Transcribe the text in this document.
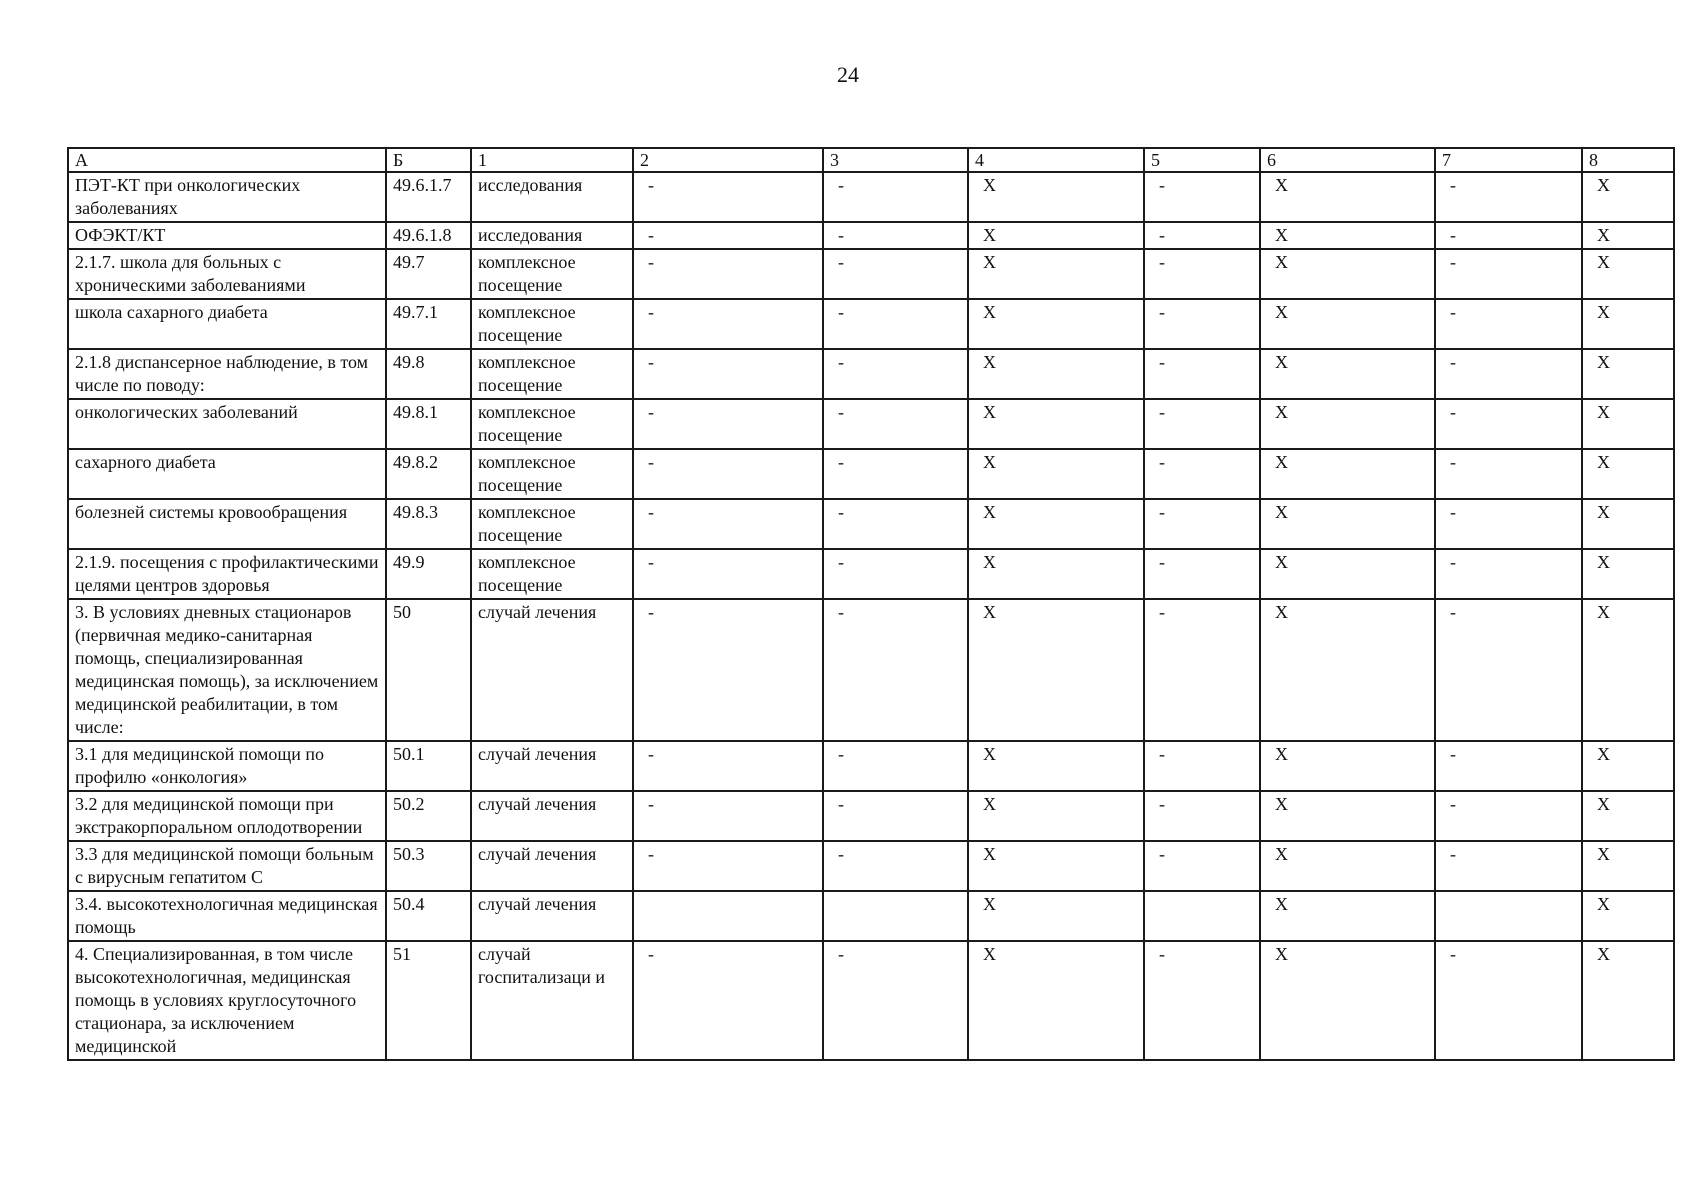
24
А	Б	1	2	3	4	5	6	7	8
ПЭТ-КТ при онкологических заболеваниях	49.6.1.7	исследования	-	-	X	-	X	-	X
ОФЭКТ/КТ	49.6.1.8	исследования	-	-	X	-	X	-	X
2.1.7. школа для больных с хроническими заболеваниями	49.7	комплексное посещение	-	-	X	-	X	-	X
школа сахарного диабета	49.7.1	комплексное посещение	-	-	X	-	X	-	X
2.1.8 диспансерное наблюдение, в том числе по поводу:	49.8	комплексное посещение	-	-	X	-	X	-	X
онкологических заболеваний	49.8.1	комплексное посещение	-	-	X	-	X	-	X
сахарного диабета	49.8.2	комплексное посещение	-	-	X	-	X	-	X
болезней системы кровообращения	49.8.3	комплексное посещение	-	-	X	-	X	-	X
2.1.9. посещения с профилактическими целями центров здоровья	49.9	комплексное посещение	-	-	X	-	X	-	X
3. В условиях дневных стационаров (первичная медико-санитарная помощь, специализированная медицинская помощь), за исключением медицинской реабилитации, в том числе:	50	случай лечения	-	-	X	-	X	-	X
3.1 для медицинской помощи по профилю «онкология»	50.1	случай лечения	-	-	X	-	X	-	X
3.2 для медицинской помощи при экстракорпоральном оплодотворении	50.2	случай лечения	-	-	X	-	X	-	X
3.3 для медицинской помощи больным с вирусным гепатитом С	50.3	случай лечения	-	-	X	-	X	-	X
3.4. высокотехнологичная медицинская помощь	50.4	случай лечения			X		X		X
4. Специализированная, в том числе высокотехнологичная, медицинская помощь в условиях круглосуточного стационара, за исключением медицинской	51	случай госпитализаци и	-	-	X	-	X	-	X
